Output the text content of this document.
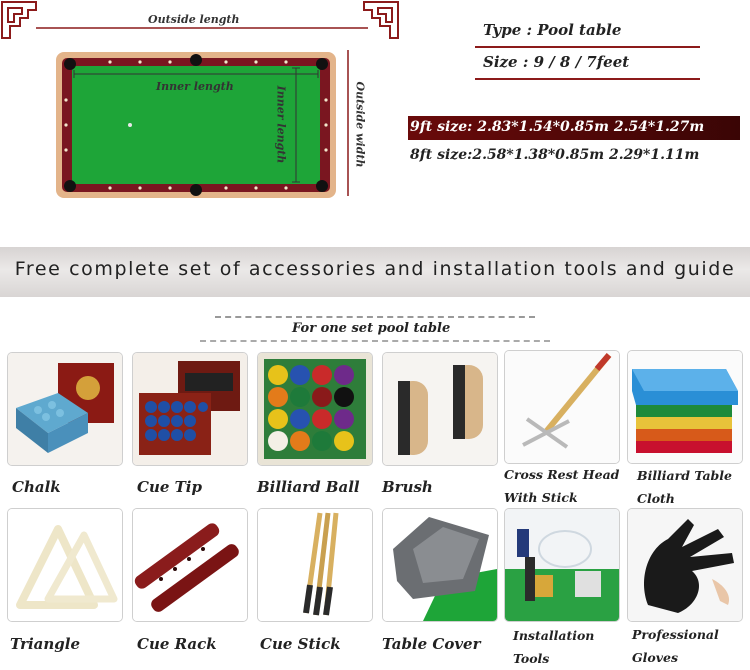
Outside length
Inner length	Inner length	Outside width
Type : Pool table
Size : 9 / 8 / 7feet
9ft size: 2.83*1.54*0.85m 2.54*1.27m
8ft size:2.58*1.38*0.85m 2.29*1.11m
Free complete set of accessories and installation tools and guide
For one set pool table
Chalk	Cue Tip	Billiard Ball Brush
Cross Rest Head
With Stick
Billiard Table
Cloth
Triangle	Cue Rack	Cue Stick	Table Cover	Installation
Tools
Professional
Gloves
